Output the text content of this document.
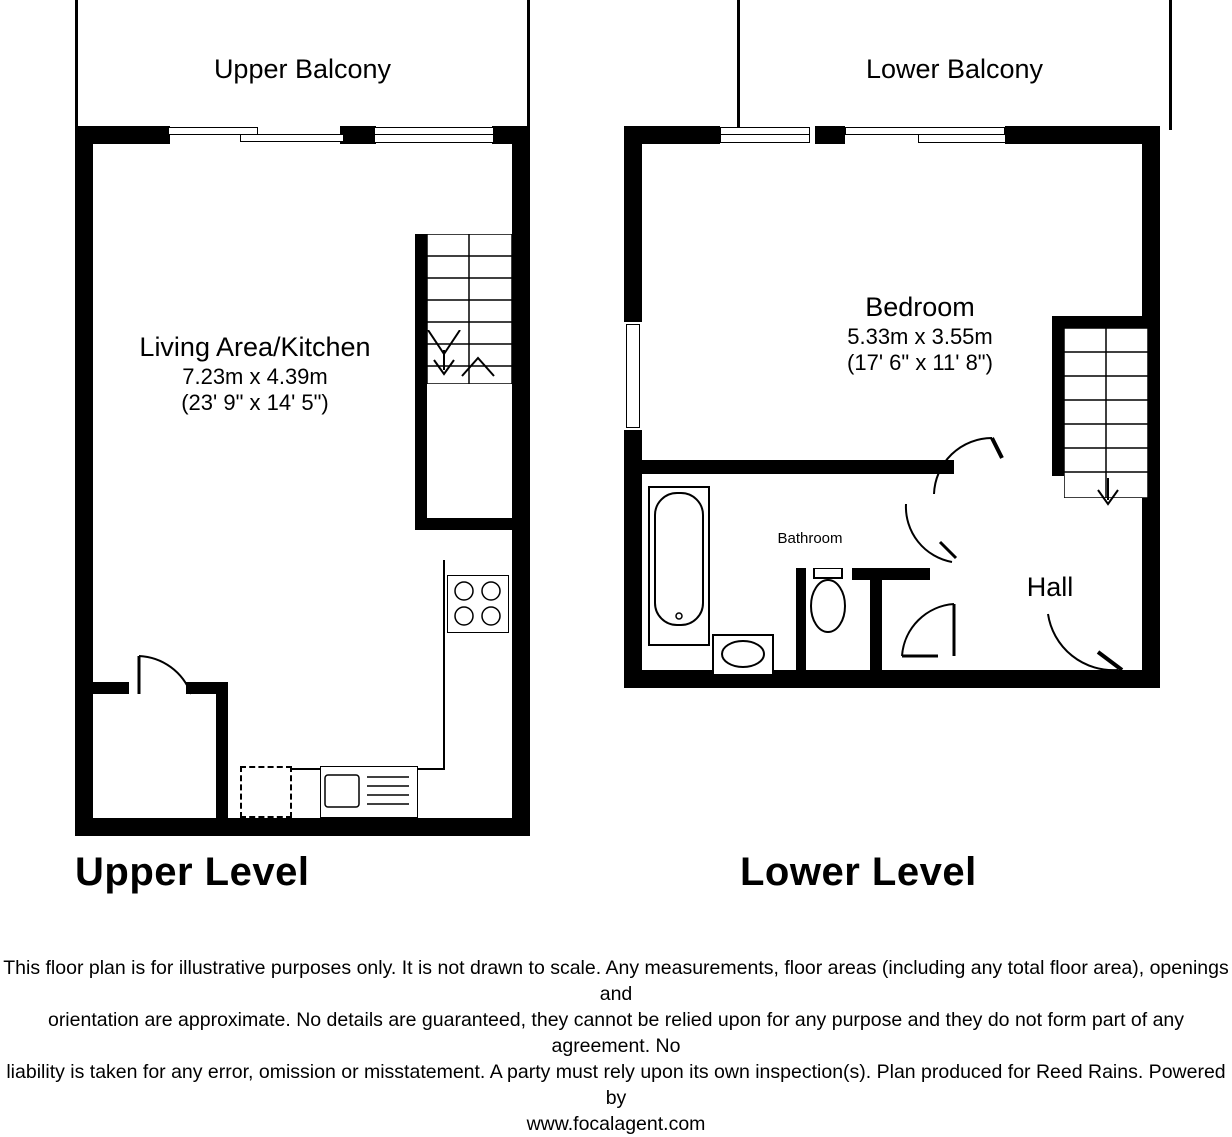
Upper Balcony
Living Area/Kitchen
7.23m x 4.39m
(23' 9" x 14' 5")
Upper Level
Lower Balcony
Bedroom
5.33m x 3.55m
(17' 6" x 11' 8")
Bathroom
Hall
Lower Level
This floor plan is for illustrative purposes only. It is not drawn to scale. Any measurements, floor areas (including any total floor area), openings and
orientation are approximate. No details are guaranteed, they cannot be relied upon for any purpose and they do not form part of any agreement. No
liability is taken for any error, omission or misstatement. A party must rely upon its own inspection(s). Plan produced for Reed Rains. Powered by
www.focalagent.com
